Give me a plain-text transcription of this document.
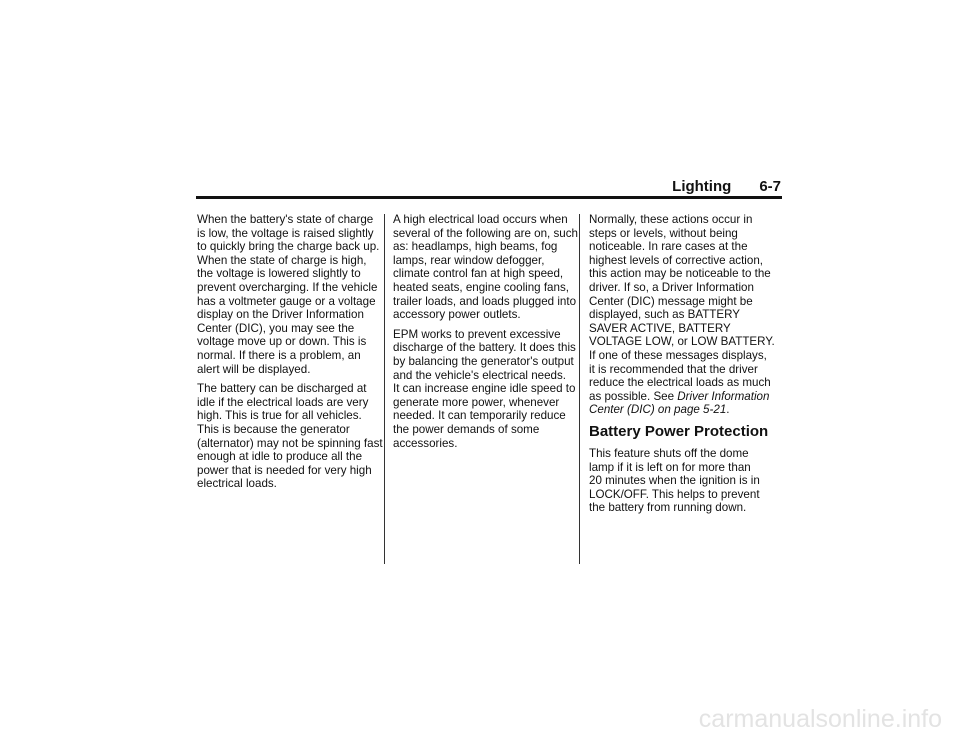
Lighting 6-7

When the battery's state of charge
is low, the voltage is raised slightly
to quickly bring the charge back up.
When the state of charge is high,
the voltage is lowered slightly to
prevent overcharging. If the vehicle
has a voltmeter gauge or a voltage
display on the Driver Information
Center (DIC), you may see the
voltage move up or down. This is
normal. If there is a problem, an
alert will be displayed.

The battery can be discharged at
idle if the electrical loads are very
high. This is true for all vehicles.
This is because the generator
(alternator) may not be spinning fast
enough at idle to produce all the
power that is needed for very high
electrical loads.

A high electrical load occurs when
several of the following are on, such
as: headlamps, high beams, fog
lamps, rear window defogger,
climate control fan at high speed,
heated seats, engine cooling fans,
trailer loads, and loads plugged into
accessory power outlets.

EPM works to prevent excessive
discharge of the battery. It does this
by balancing the generator's output
and the vehicle's electrical needs.
It can increase engine idle speed to
generate more power, whenever
needed. It can temporarily reduce
the power demands of some
accessories.

Normally, these actions occur in
steps or levels, without being
noticeable. In rare cases at the
highest levels of corrective action,
this action may be noticeable to the
driver. If so, a Driver Information
Center (DIC) message might be
displayed, such as BATTERY
SAVER ACTIVE, BATTERY
VOLTAGE LOW, or LOW BATTERY.
If one of these messages displays,
it is recommended that the driver
reduce the electrical loads as much
as possible. See Driver Information
Center (DIC) on page 5-21.

Battery Power Protection

This feature shuts off the dome
lamp if it is left on for more than
20 minutes when the ignition is in
LOCK/OFF. This helps to prevent
the battery from running down.

carmanualsonline.info
